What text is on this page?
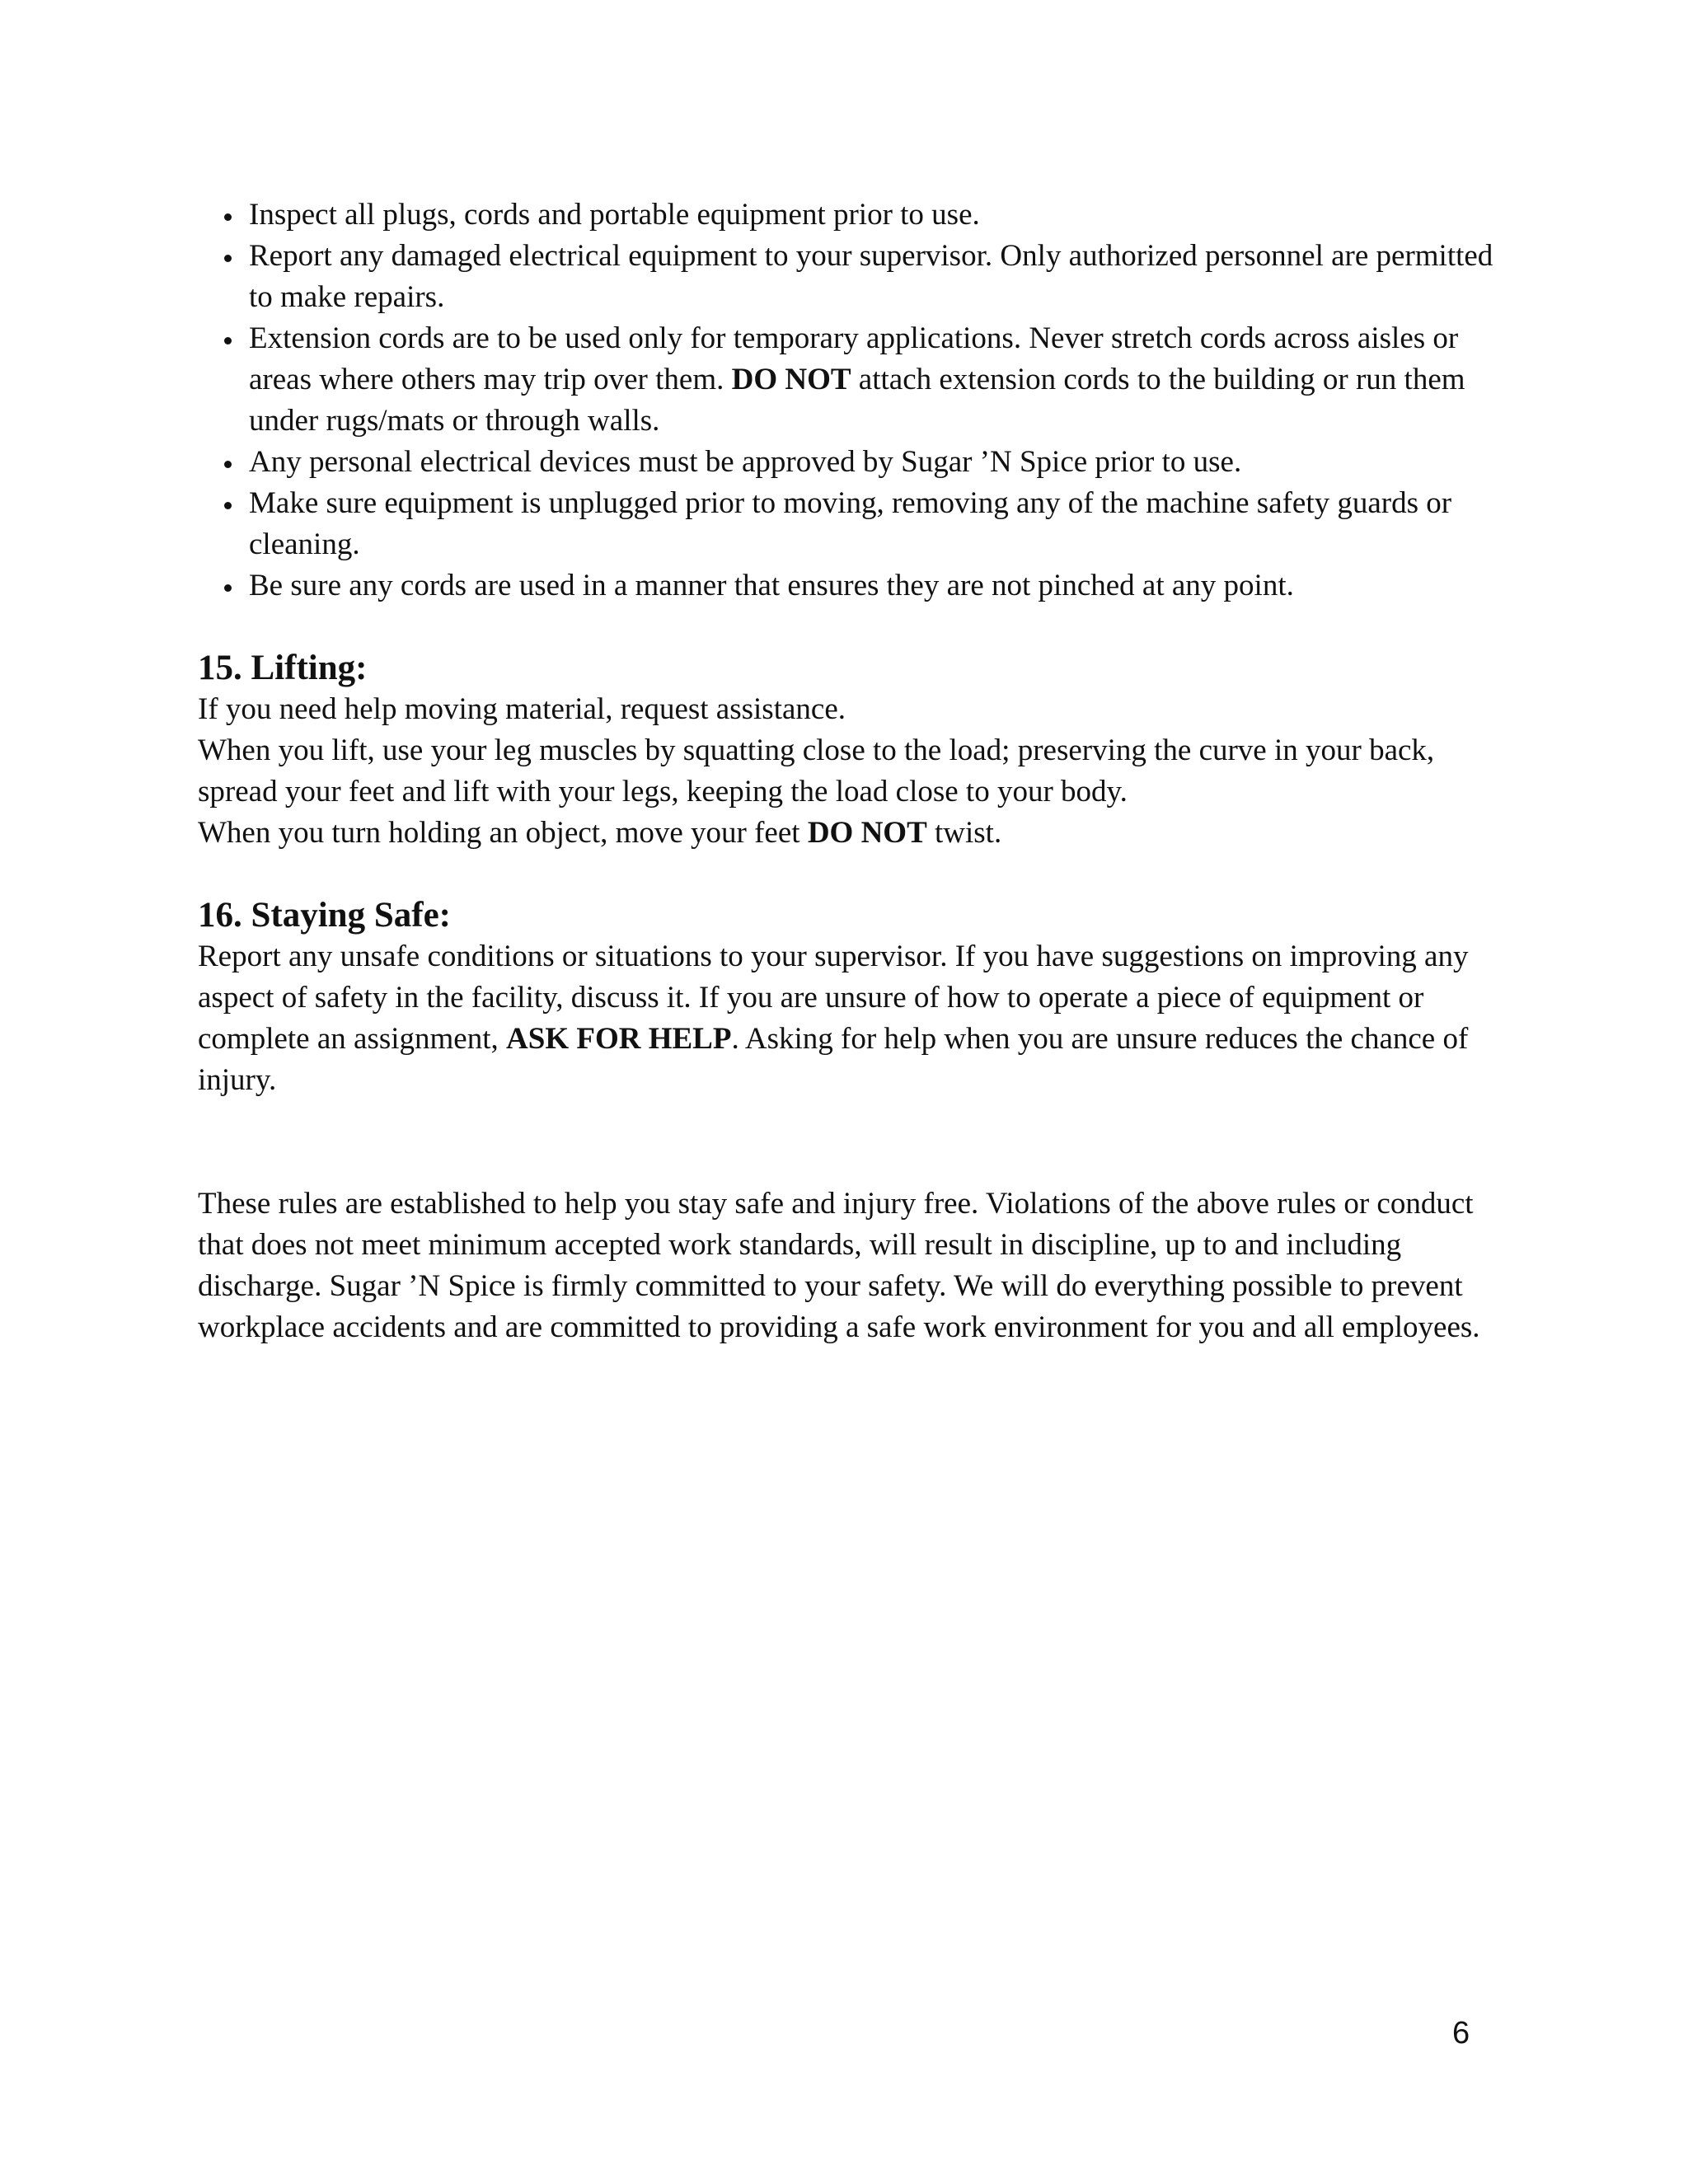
Inspect all plugs, cords and portable equipment prior to use.
Report any damaged electrical equipment to your supervisor. Only authorized personnel are permitted to make repairs.
Extension cords are to be used only for temporary applications. Never stretch cords across aisles or areas where others may trip over them. DO NOT attach extension cords to the building or run them under rugs/mats or through walls.
Any personal electrical devices must be approved by Sugar ’N Spice prior to use.
Make sure equipment is unplugged prior to moving, removing any of the machine safety guards or cleaning.
Be sure any cords are used in a manner that ensures they are not pinched at any point.
15. Lifting:

If you need help moving material, request assistance.

When you lift, use your leg muscles by squatting close to the load; preserving the curve in your back, spread your feet and lift with your legs, keeping the load close to your body.

When you turn holding an object, move your feet DO NOT twist.

16. Staying Safe:

Report any unsafe conditions or situations to your supervisor. If you have suggestions on improving any aspect of safety in the facility, discuss it. If you are unsure of how to operate a piece of equipment or complete an assignment, ASK FOR HELP. Asking for help when you are unsure reduces the chance of injury.

These rules are established to help you stay safe and injury free. Violations of the above rules or conduct that does not meet minimum accepted work standards, will result in discipline, up to and including discharge. Sugar ’N Spice is firmly committed to your safety. We will do everything possible to prevent workplace accidents and are committed to providing a safe work environment for you and all employees.

6
